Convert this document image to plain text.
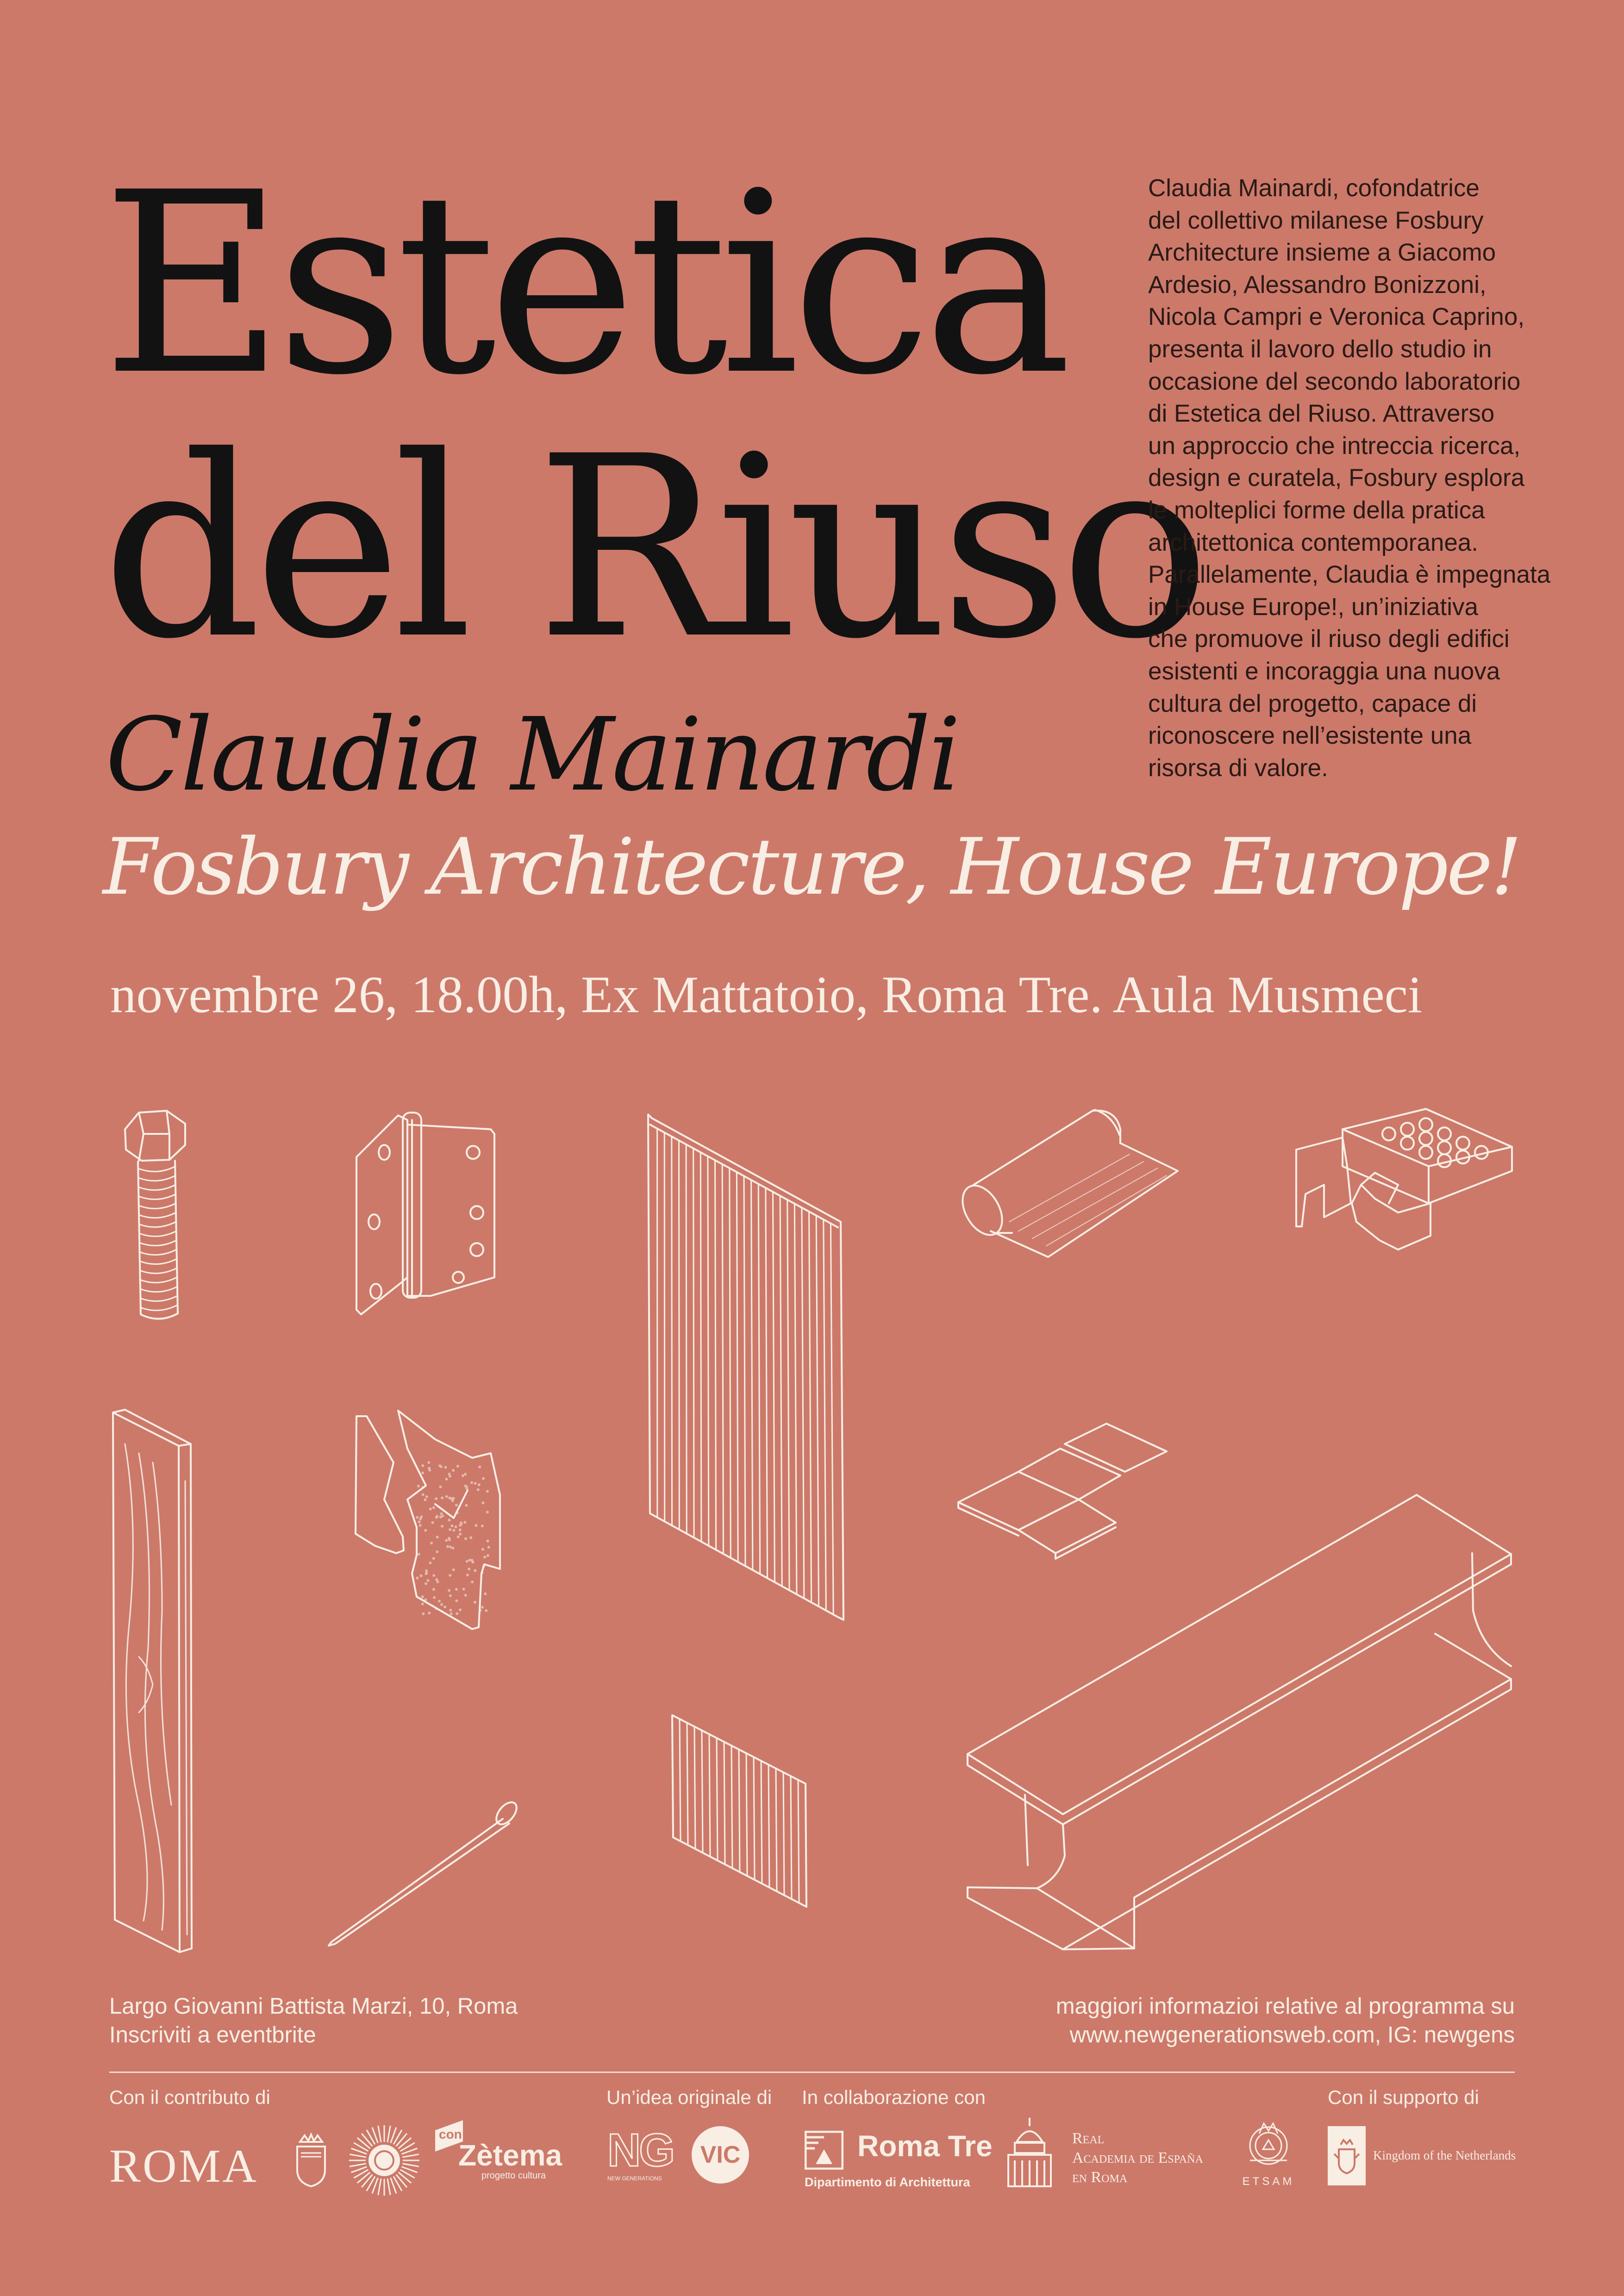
Estetica
del Riuso
Claudia Mainardi
Fosbury Architecture, House Europe!
novembre 26, 18.00h, Ex Mattatoio, Roma Tre. Aula Musmeci
Claudia Mainardi, cofondatrice
del collettivo milanese Fosbury
Architecture insieme a Giacomo
Ardesio, Alessandro Bonizzoni,
Nicola Campri e Veronica Caprino,
presenta il lavoro dello studio in
occasione del secondo laboratorio
di Estetica del Riuso. Attraverso
un approccio che intreccia ricerca,
design e curatela, Fosbury esplora
le molteplici forme della pratica
architettonica contemporanea.
Parallelamente, Claudia è impegnata
in House Europe!, un’iniziativa
che promuove il riuso degli edifici
esistenti e incoraggia una nuova
cultura del progetto, capace di
riconoscere nell’esistente una
risorsa di valore.
Largo Giovanni Battista Marzi, 10, Roma
Inscriviti a eventbrite
maggiori informazioi relative al programma su
www.newgenerationsweb.com, IG: newgens
Con il contributo di	Un’idea originale di In collaborazione con	Con il supporto di
ROMA
con
Zètema
progetto cultura NG
NEW GENERATIONS
VIC	Roma Tre
Dipartimento di Architettura
Real
Academia de España
en Roma	ETSAM
Kingdom of the Netherlands
